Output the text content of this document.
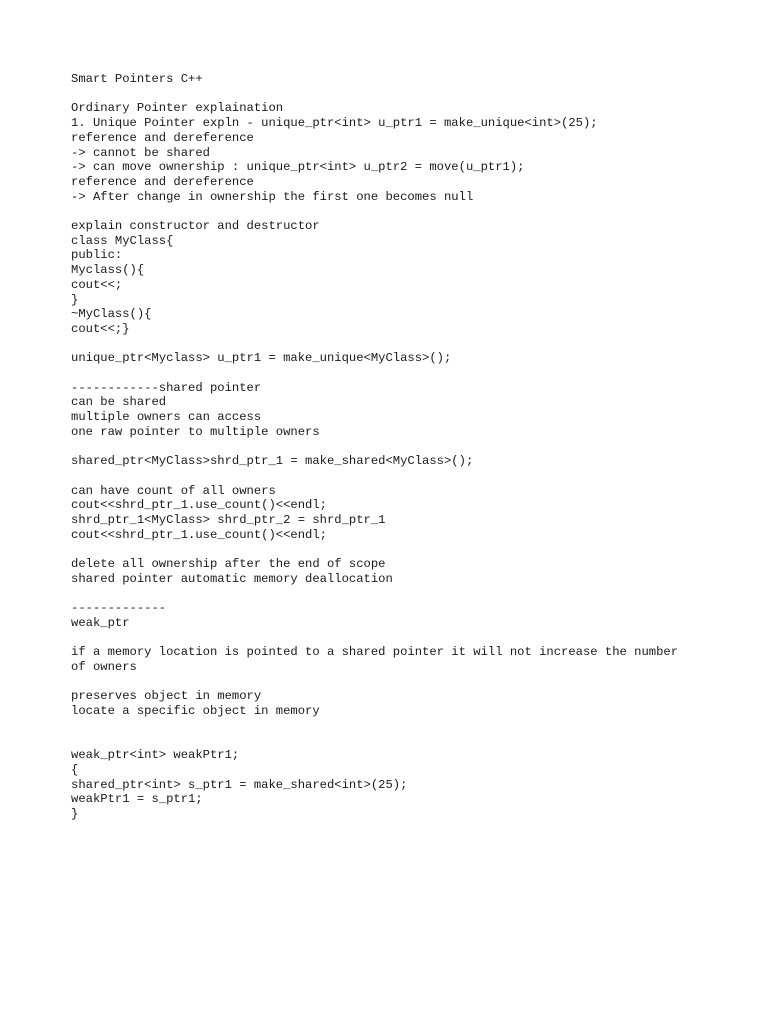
Smart Pointers C++
Ordinary Pointer explaination
1. Unique Pointer expln - unique_ptr<int> u_ptr1 = make_unique<int>(25);
reference and dereference
-> cannot be shared
-> can move ownership : unique_ptr<int> u_ptr2 = move(u_ptr1);
reference and dereference
-> After change in ownership the first one becomes null
explain constructor and destructor
class MyClass{
public:
Myclass(){
cout<<;
}
~MyClass(){
cout<<;}
unique_ptr<Myclass> u_ptr1 = make_unique<MyClass>();
------------shared pointer
can be shared
multiple owners can access
one raw pointer to multiple owners
shared_ptr<MyClass>shrd_ptr_1 = make_shared<MyClass>();
can have count of all owners
cout<<shrd_ptr_1.use_count()<<endl;
shrd_ptr_1<MyClass> shrd_ptr_2 = shrd_ptr_1
cout<<shrd_ptr_1.use_count()<<endl;
delete all ownership after the end of scope
shared pointer automatic memory deallocation
-------------
weak_ptr
if a memory location is pointed to a shared pointer it will not increase the number
of owners
preserves object in memory
locate a specific object in memory
weak_ptr<int> weakPtr1;
{
shared_ptr<int> s_ptr1 = make_shared<int>(25);
weakPtr1 = s_ptr1;
}
